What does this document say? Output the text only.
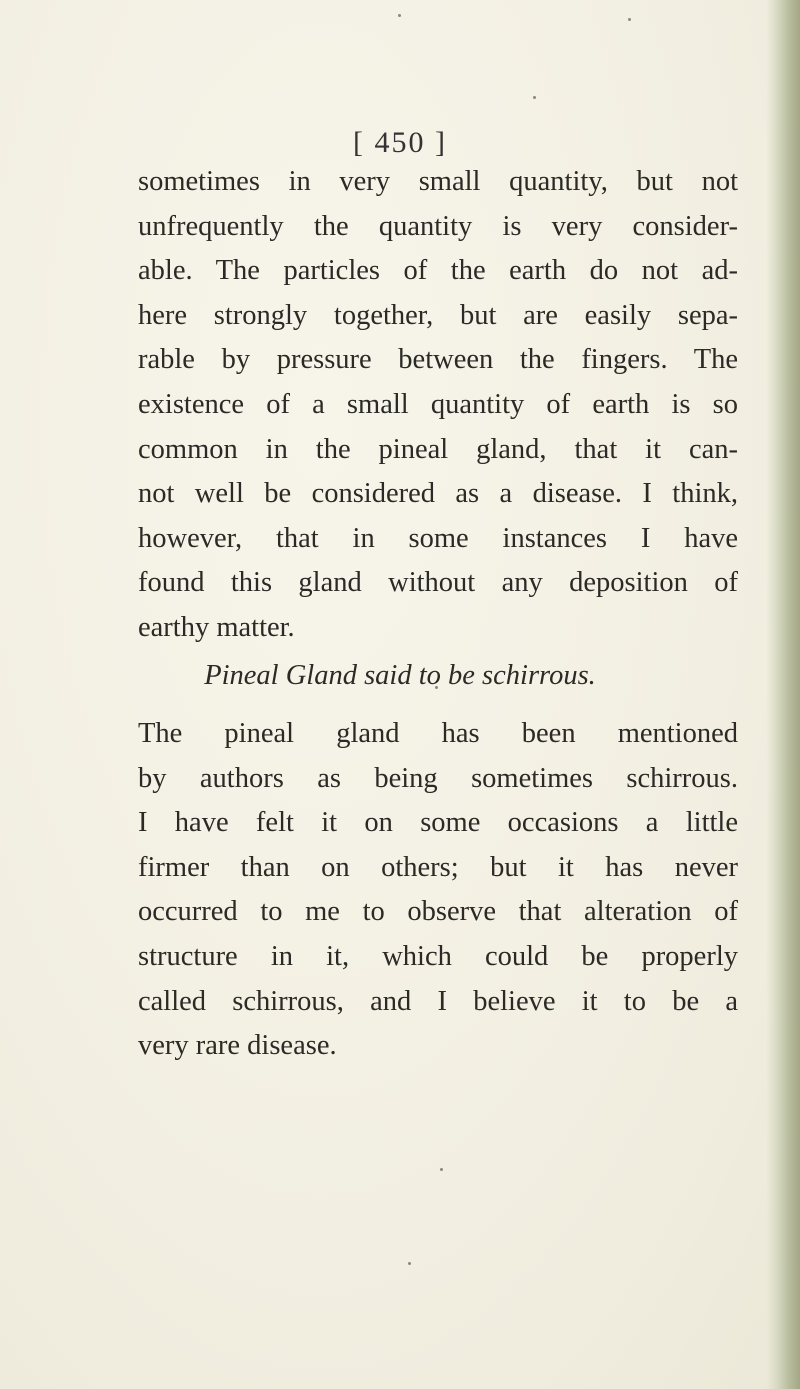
[ 450 ]
sometimes in very small quantity, but not
unfrequently the quantity is very consider-
able. The particles of the earth do not ad-
here strongly together, but are easily sepa-
rable by pressure between the fingers. The
existence of a small quantity of earth is so
common in the pineal gland, that it can-
not well be considered as a disease. I think,
however, that in some instances I have
found this gland without any deposition of
earthy matter.
Pineal Gland said to be schirrous.
The pineal gland has been mentioned
by authors as being sometimes schirrous.
I have felt it on some occasions a little
firmer than on others; but it has never
occurred to me to observe that alteration of
structure in it, which could be properly
called schirrous, and I believe it to be a
very rare disease.
